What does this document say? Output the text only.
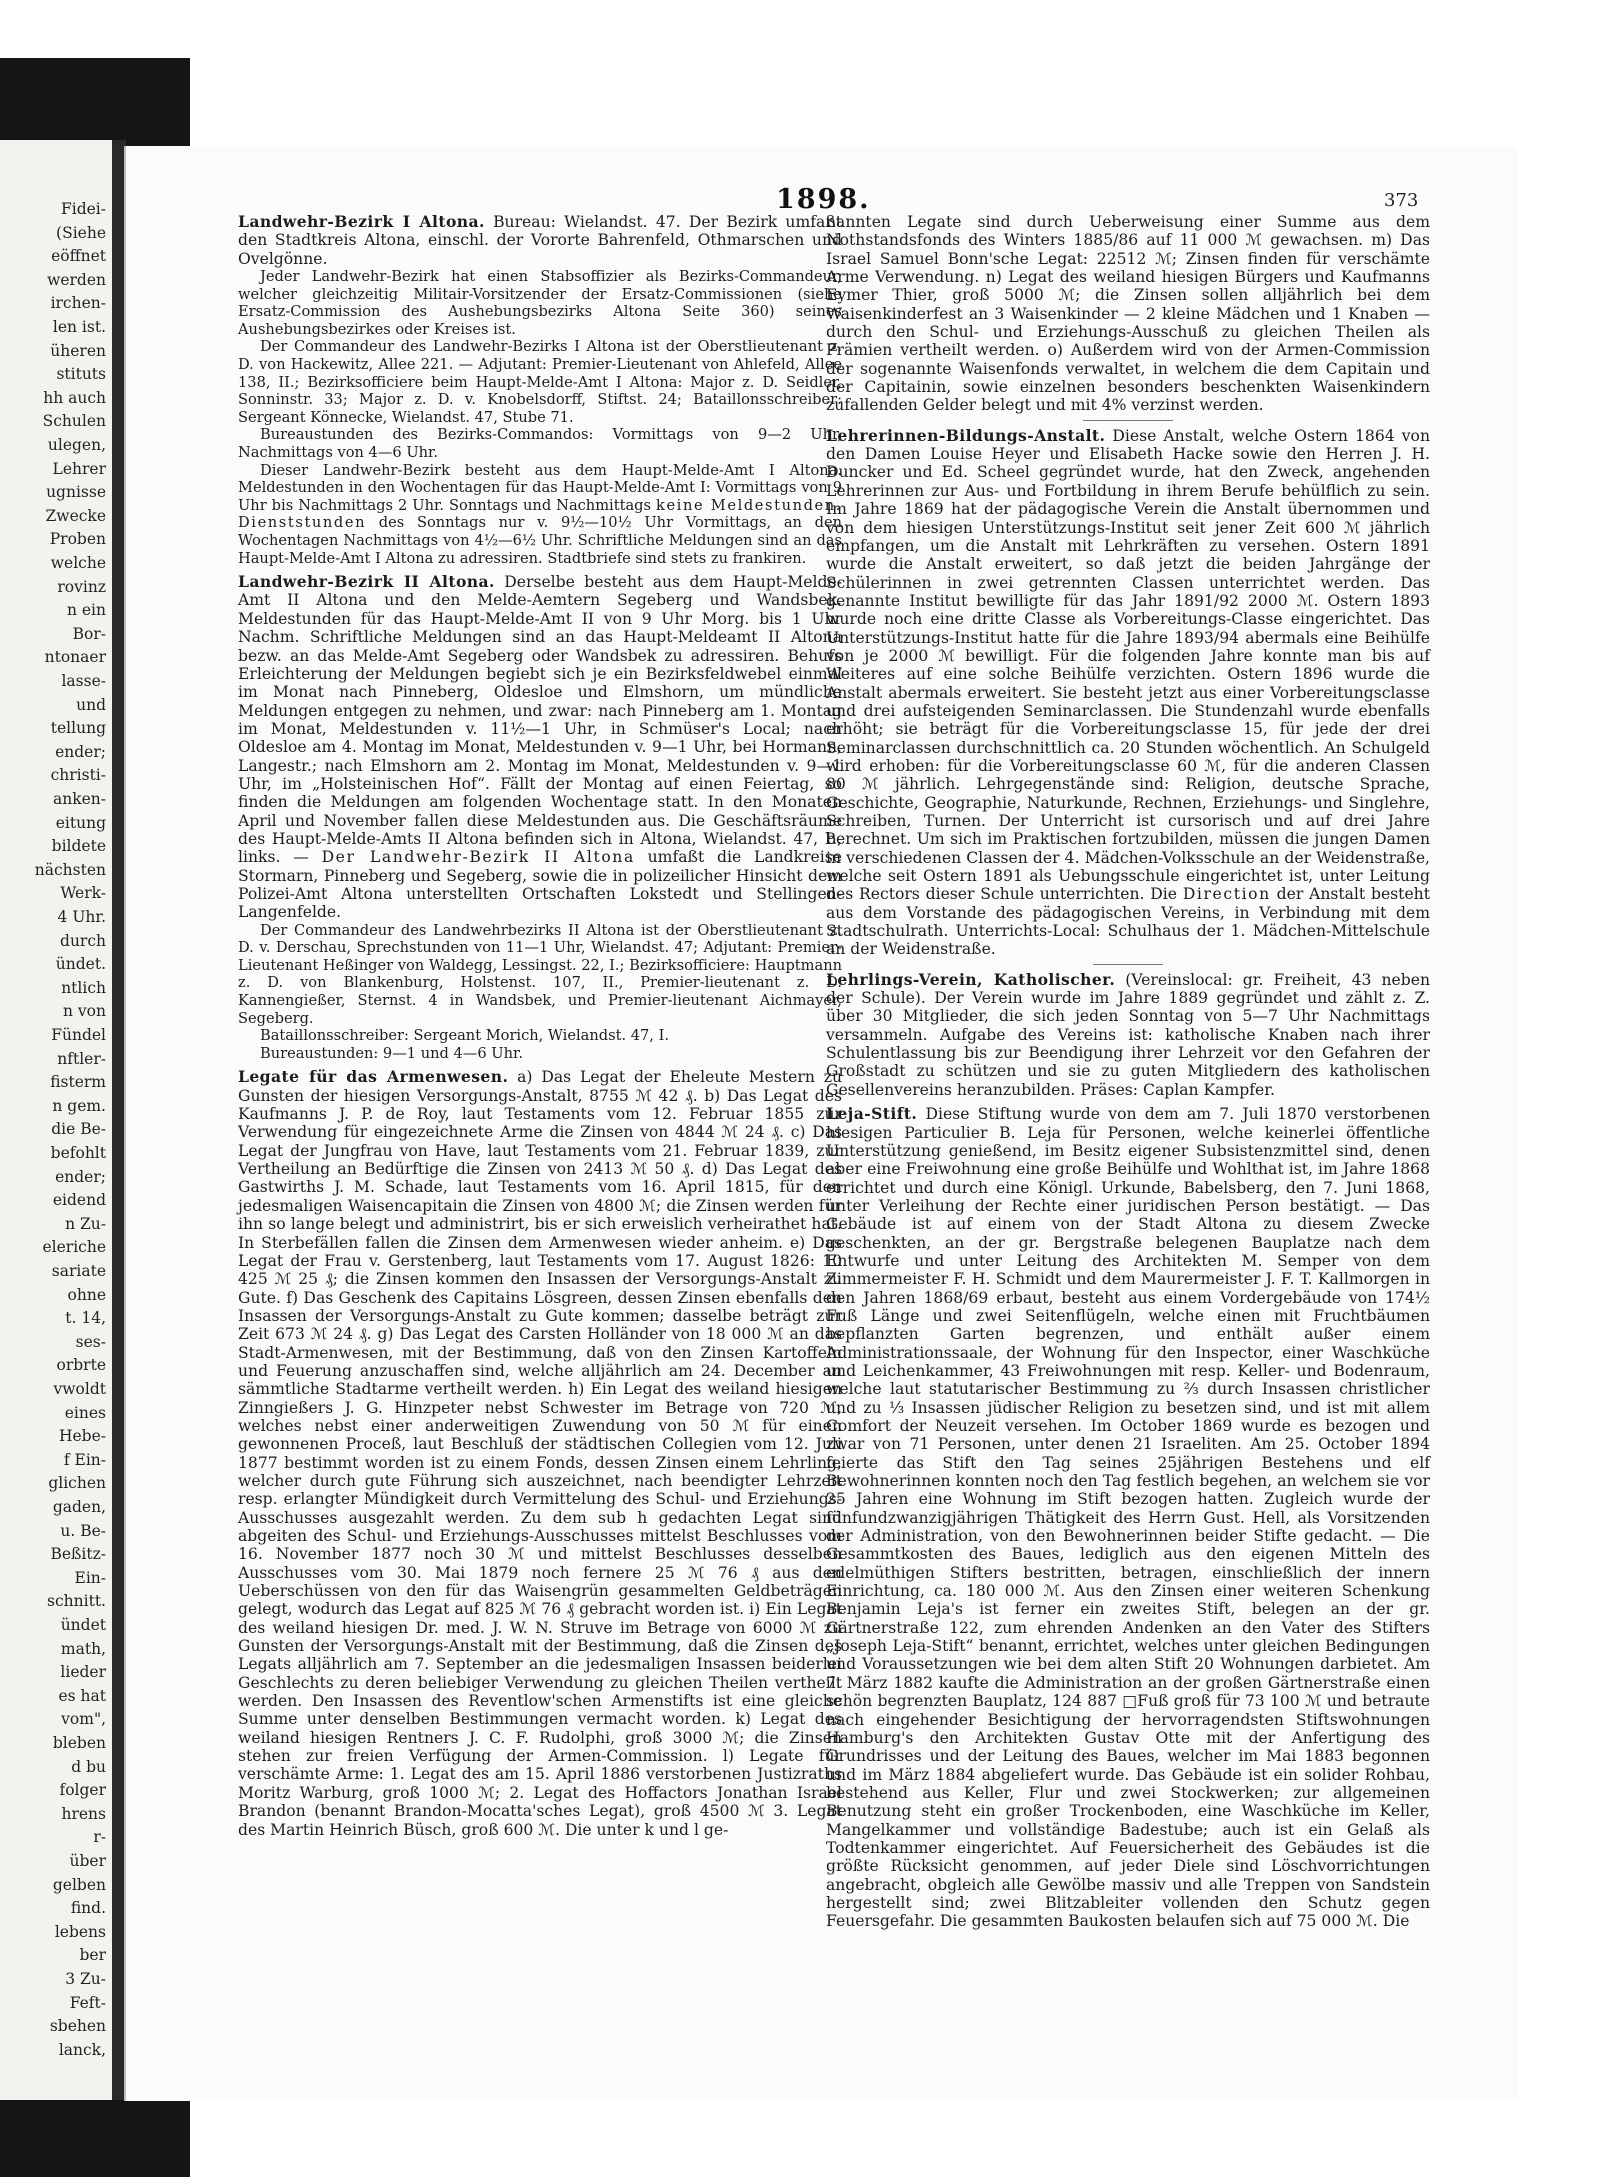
Fidei-
(Siehe
eöffnet
werden
irchen-
len ist.
üheren
stituts
hh auch
Schulen
ulegen,
Lehrer
ugnisse
Zwecke
Proben
welche
rovinz
n ein
Bor-
ntonaer
lasse-
und
tellung
ender;
christi-
anken-
eitung
bildete
nächsten
Werk-
4 Uhr.
durch
ündet.
ntlich
n von
Fündel
nftler-
fisterm
n gem.
die Be-
befohlt
ender;
eidend
n Zu-
eleriche
sariate
ohne
t. 14,
ses-
orbrte
vwoldt
eines
Hebe-
f Ein-
glichen
gaden,
u. Be-
Beßitz-
Ein-
schnitt.
ündet
math,
lieder
es hat
vom",
bleben
d bu
folger
hrens
r-
über
gelben
find.
lebens
ber
3 Zu-
Feft-
sbehen
lanck,
1898.	373

Landwehr-Bezirk I Altona. Bureau: Wielandst. 47. Der Bezirk umfaßt den Stadtkreis Altona, einschl. der Vororte Bahrenfeld, Othmarschen und Ovelgönne.

Jeder Landwehr-Bezirk hat einen Stabsoffizier als Bezirks-Commandeur, welcher gleichzeitig Militair-Vorsitzender der Ersatz-Commissionen (siehe Ersatz-Commission des Aushebungsbezirks Altona Seite 360) seines Aushebungsbezirkes oder Kreises ist.

Der Commandeur des Landwehr-Bezirks I Altona ist der Oberstlieutenant z. D. von Hackewitz, Allee 221. — Adjutant: Premier-Lieutenant von Ahlefeld, Allee 138, II.; Bezirksofficiere beim Haupt-Melde-Amt I Altona: Major z. D. Seidler, Sonninstr. 33; Major z. D. v. Knobelsdorff, Stiftst. 24; Bataillonsschreiber: Sergeant Könnecke, Wielandst. 47, Stube 71.

Bureaustunden des Bezirks-Commandos: Vormittags von 9—2 Uhr, Nachmittags von 4—6 Uhr.

Dieser Landwehr-Bezirk besteht aus dem Haupt-Melde-Amt I Altona. Meldestunden in den Wochentagen für das Haupt-Melde-Amt I: Vormittags von 9 Uhr bis Nachmittags 2 Uhr. Sonntags und Nachmittags keine Meldestunden. Dienststunden des Sonntags nur v. 9½—10½ Uhr Vormittags, an den Wochentagen Nachmittags von 4½—6½ Uhr. Schriftliche Meldungen sind an das Haupt-Melde-Amt I Altona zu adressiren. Stadtbriefe sind stets zu frankiren.

Landwehr-Bezirk II Altona. Derselbe besteht aus dem Haupt-Melde-Amt II Altona und den Melde-Aemtern Segeberg und Wandsbek. Meldestunden für das Haupt-Melde-Amt II von 9 Uhr Morg. bis 1 Uhr Nachm. Schriftliche Meldungen sind an das Haupt-Meldeamt II Altona bezw. an das Melde-Amt Segeberg oder Wandsbek zu adressiren. Behufs Erleichterung der Meldungen begiebt sich je ein Bezirksfeldwebel einmal im Monat nach Pinneberg, Oldesloe und Elmshorn, um mündliche Meldungen entgegen zu nehmen, und zwar: nach Pinneberg am 1. Montag im Monat, Meldestunden v. 11½—1 Uhr, in Schmüser's Local; nach Oldesloe am 4. Montag im Monat, Meldestunden v. 9—1 Uhr, bei Hormann, Langestr.; nach Elmshorn am 2. Montag im Monat, Meldestunden v. 9—1 Uhr, im „Holsteinischen Hof“. Fällt der Montag auf einen Feiertag, so finden die Meldungen am folgenden Wochentage statt. In den Monaten April und November fallen diese Meldestunden aus. Die Geschäftsräume des Haupt-Melde-Amts II Altona befinden sich in Altona, Wielandst. 47, P., links. — Der Landwehr-Bezirk II Altona umfaßt die Landkreise Stormarn, Pinneberg und Segeberg, sowie die in polizeilicher Hinsicht dem Polizei-Amt Altona unterstellten Ortschaften Lokstedt und Stellingen-Langenfelde.

Der Commandeur des Landwehrbezirks II Altona ist der Oberstlieutenant z. D. v. Derschau, Sprechstunden von 11—1 Uhr, Wielandst. 47; Adjutant: Premier-Lieutenant Heßinger von Waldegg, Lessingst. 22, I.; Bezirksofficiere: Hauptmann z. D. von Blankenburg, Holstenst. 107, II., Premier-lieutenant z. D. Kannengießer, Sternst. 4 in Wandsbek, und Premier-lieutenant Aichmayer, Segeberg.

Bataillonsschreiber: Sergeant Morich, Wielandst. 47, I.

Bureaustunden: 9—1 und 4—6 Uhr.

Legate für das Armenwesen. a) Das Legat der Eheleute Mestern zu Gunsten der hiesigen Versorgungs-Anstalt, 8755 ℳ 42 ₰. b) Das Legat des Kaufmanns J. P. de Roy, laut Testaments vom 12. Februar 1855 zur Verwendung für eingezeichnete Arme die Zinsen von 4844 ℳ 24 ₰. c) Das Legat der Jungfrau von Have, laut Testaments vom 21. Februar 1839, zur Vertheilung an Bedürftige die Zinsen von 2413 ℳ 50 ₰. d) Das Legat des Gastwirths J. M. Schade, laut Testaments vom 16. April 1815, für den jedesmaligen Waisencapitain die Zinsen von 4800 ℳ; die Zinsen werden für ihn so lange belegt und administrirt, bis er sich erweislich verheirathet hat. In Sterbefällen fallen die Zinsen dem Armenwesen wieder anheim. e) Das Legat der Frau v. Gerstenberg, laut Testaments vom 17. August 1826: 10 425 ℳ 25 ₰; die Zinsen kommen den Insassen der Versorgungs-Anstalt zu Gute. f) Das Geschenk des Capitains Lösgreen, dessen Zinsen ebenfalls den Insassen der Versorgungs-Anstalt zu Gute kommen; dasselbe beträgt zur Zeit 673 ℳ 24 ₰. g) Das Legat des Carsten Holländer von 18 000 ℳ an das Stadt-Armenwesen, mit der Bestimmung, daß von den Zinsen Kartoffeln und Feuerung anzuschaffen sind, welche alljährlich am 24. December an sämmtliche Stadtarme vertheilt werden. h) Ein Legat des weiland hiesigen Zinngießers J. G. Hinzpeter nebst Schwester im Betrage von 720 ℳ, welches nebst einer anderweitigen Zuwendung von 50 ℳ für einen gewonnenen Proceß, laut Beschluß der städtischen Collegien vom 12. Juli 1877 bestimmt worden ist zu einem Fonds, dessen Zinsen einem Lehrling, welcher durch gute Führung sich auszeichnet, nach beendigter Lehrzeit resp. erlangter Mündigkeit durch Vermittelung des Schul- und Erziehungs-Ausschusses ausgezahlt werden. Zu dem sub h gedachten Legat sind abgeiten des Schul- und Erziehungs-Ausschusses mittelst Beschlusses vom 16. November 1877 noch 30 ℳ und mittelst Beschlusses desselben Ausschusses vom 30. Mai 1879 noch fernere 25 ℳ 76 ₰ aus den Ueberschüssen von den für das Waisengrün gesammelten Geldbeträgen gelegt, wodurch das Legat auf 825 ℳ 76 ₰ gebracht worden ist. i) Ein Legat des weiland hiesigen Dr. med. J. W. N. Struve im Betrage von 6000 ℳ zu Gunsten der Versorgungs-Anstalt mit der Bestimmung, daß die Zinsen des Legats alljährlich am 7. September an die jedesmaligen Insassen beiderlei Geschlechts zu deren beliebiger Verwendung zu gleichen Theilen vertheilt werden. Den Insassen des Reventlow'schen Armenstifts ist eine gleiche Summe unter denselben Bestimmungen vermacht worden. k) Legat des weiland hiesigen Rentners J. C. F. Rudolphi, groß 3000 ℳ; die Zinsen stehen zur freien Verfügung der Armen-Commission. l) Legate für verschämte Arme: 1. Legat des am 15. April 1886 verstorbenen Justizraths Moritz Warburg, groß 1000 ℳ; 2. Legat des Hoffactors Jonathan Israel Brandon (benannt Brandon-Mocatta'sches Legat), groß 4500 ℳ 3. Legat des Martin Heinrich Büsch, groß 600 ℳ. Die unter k und l ge-

nannten Legate sind durch Ueberweisung einer Summe aus dem Nothstandsfonds des Winters 1885/86 auf 11 000 ℳ gewachsen. m) Das Israel Samuel Bonn'sche Legat: 22512 ℳ; Zinsen finden für verschämte Arme Verwendung. n) Legat des weiland hiesigen Bürgers und Kaufmanns Eymer Thier, groß 5000 ℳ; die Zinsen sollen alljährlich bei dem Waisenkinderfest an 3 Waisenkinder — 2 kleine Mädchen und 1 Knaben — durch den Schul- und Erziehungs-Ausschuß zu gleichen Theilen als Prämien vertheilt werden. o) Außerdem wird von der Armen-Commission der sogenannte Waisenfonds verwaltet, in welchem die dem Capitain und der Capitainin, sowie einzelnen besonders beschenkten Waisenkindern zufallenden Gelder belegt und mit 4% verzinst werden.

Lehrerinnen-Bildungs-Anstalt. Diese Anstalt, welche Ostern 1864 von den Damen Louise Heyer und Elisabeth Hacke sowie den Herren J. H. Duncker und Ed. Scheel gegründet wurde, hat den Zweck, angehenden Lehrerinnen zur Aus- und Fortbildung in ihrem Berufe behülflich zu sein. Im Jahre 1869 hat der pädagogische Verein die Anstalt übernommen und von dem hiesigen Unterstützungs-Institut seit jener Zeit 600 ℳ jährlich empfangen, um die Anstalt mit Lehrkräften zu versehen. Ostern 1891 wurde die Anstalt erweitert, so daß jetzt die beiden Jahrgänge der Schülerinnen in zwei getrennten Classen unterrichtet werden. Das genannte Institut bewilligte für das Jahr 1891/92 2000 ℳ. Ostern 1893 wurde noch eine dritte Classe als Vorbereitungs-Classe eingerichtet. Das Unterstützungs-Institut hatte für die Jahre 1893/94 abermals eine Beihülfe von je 2000 ℳ bewilligt. Für die folgenden Jahre konnte man bis auf Weiteres auf eine solche Beihülfe verzichten. Ostern 1896 wurde die Anstalt abermals erweitert. Sie besteht jetzt aus einer Vorbereitungsclasse und drei aufsteigenden Seminarclassen. Die Stundenzahl wurde ebenfalls erhöht; sie beträgt für die Vorbereitungsclasse 15, für jede der drei Seminarclassen durchschnittlich ca. 20 Stunden wöchentlich. An Schulgeld wird erhoben: für die Vorbereitungsclasse 60 ℳ, für die anderen Classen 80 ℳ jährlich. Lehrgegenstände sind: Religion, deutsche Sprache, Geschichte, Geographie, Naturkunde, Rechnen, Erziehungs- und Singlehre, Schreiben, Turnen. Der Unterricht ist cursorisch und auf drei Jahre berechnet. Um sich im Praktischen fortzubilden, müssen die jungen Damen in verschiedenen Classen der 4. Mädchen-Volksschule an der Weidenstraße, welche seit Ostern 1891 als Uebungsschule eingerichtet ist, unter Leitung des Rectors dieser Schule unterrichten. Die Direction der Anstalt besteht aus dem Vorstande des pädagogischen Vereins, in Verbindung mit dem Stadtschulrath. Unterrichts-Local: Schulhaus der 1. Mädchen-Mittelschule an der Weidenstraße.

Lehrlings-Verein, Katholischer. (Vereinslocal: gr. Freiheit, 43 neben der Schule). Der Verein wurde im Jahre 1889 gegründet und zählt z. Z. über 30 Mitglieder, die sich jeden Sonntag von 5—7 Uhr Nachmittags versammeln. Aufgabe des Vereins ist: katholische Knaben nach ihrer Schulentlassung bis zur Beendigung ihrer Lehrzeit vor den Gefahren der Großstadt zu schützen und sie zu guten Mitgliedern des katholischen Gesellenvereins heranzubilden. Präses: Caplan Kampfer.

Leja-Stift. Diese Stiftung wurde von dem am 7. Juli 1870 verstorbenen hiesigen Particulier B. Leja für Personen, welche keinerlei öffentliche Unterstützung genießend, im Besitz eigener Subsistenzmittel sind, denen aber eine Freiwohnung eine große Beihülfe und Wohlthat ist, im Jahre 1868 errichtet und durch eine Königl. Urkunde, Babelsberg, den 7. Juni 1868, unter Verleihung der Rechte einer juridischen Person bestätigt. — Das Gebäude ist auf einem von der Stadt Altona zu diesem Zwecke geschenkten, an der gr. Bergstraße belegenen Bauplatze nach dem Entwurfe und unter Leitung des Architekten M. Semper von dem Zimmermeister F. H. Schmidt und dem Maurermeister J. F. T. Kallmorgen in den Jahren 1868/69 erbaut, besteht aus einem Vordergebäude von 174½ Fuß Länge und zwei Seitenflügeln, welche einen mit Fruchtbäumen bepflanzten Garten begrenzen, und enthält außer einem Administrationssaale, der Wohnung für den Inspector, einer Waschküche und Leichenkammer, 43 Freiwohnungen mit resp. Keller- und Bodenraum, welche laut statutarischer Bestimmung zu ⅔ durch Insassen christlicher und zu ⅓ Insassen jüdischer Religion zu besetzen sind, und ist mit allem Comfort der Neuzeit versehen. Im October 1869 wurde es bezogen und zwar von 71 Personen, unter denen 21 Israeliten. Am 25. October 1894 feierte das Stift den Tag seines 25jährigen Bestehens und elf Bewohnerinnen konnten noch den Tag festlich begehen, an welchem sie vor 25 Jahren eine Wohnung im Stift bezogen hatten. Zugleich wurde der fünfundzwanzigjährigen Thätigkeit des Herrn Gust. Hell, als Vorsitzenden der Administration, von den Bewohnerinnen beider Stifte gedacht. — Die Gesammtkosten des Baues, lediglich aus den eigenen Mitteln des edelmüthigen Stifters bestritten, betragen, einschließlich der innern Einrichtung, ca. 180 000 ℳ. Aus den Zinsen einer weiteren Schenkung Benjamin Leja's ist ferner ein zweites Stift, belegen an der gr. Gärtnerstraße 122, zum ehrenden Andenken an den Vater des Stifters „Joseph Leja-Stift“ benannt, errichtet, welches unter gleichen Bedingungen und Voraussetzungen wie bei dem alten Stift 20 Wohnungen darbietet. Am 7. März 1882 kaufte die Administration an der großen Gärtnerstraße einen schön begrenzten Bauplatz, 124 887 □Fuß groß für 73 100 ℳ und betraute nach eingehender Besichtigung der hervorragendsten Stiftswohnungen Hamburg's den Architekten Gustav Otte mit der Anfertigung des Grundrisses und der Leitung des Baues, welcher im Mai 1883 begonnen und im März 1884 abgeliefert wurde. Das Gebäude ist ein solider Rohbau, bestehend aus Keller, Flur und zwei Stockwerken; zur allgemeinen Benutzung steht ein großer Trockenboden, eine Waschküche im Keller, Mangelkammer und vollständige Badestube; auch ist ein Gelaß als Todtenkammer eingerichtet. Auf Feuersicherheit des Gebäudes ist die größte Rücksicht genommen, auf jeder Diele sind Löschvorrichtungen angebracht, obgleich alle Gewölbe massiv und alle Treppen von Sandstein hergestellt sind; zwei Blitzableiter vollenden den Schutz gegen Feuersgefahr. Die gesammten Baukosten belaufen sich auf 75 000 ℳ. Die
